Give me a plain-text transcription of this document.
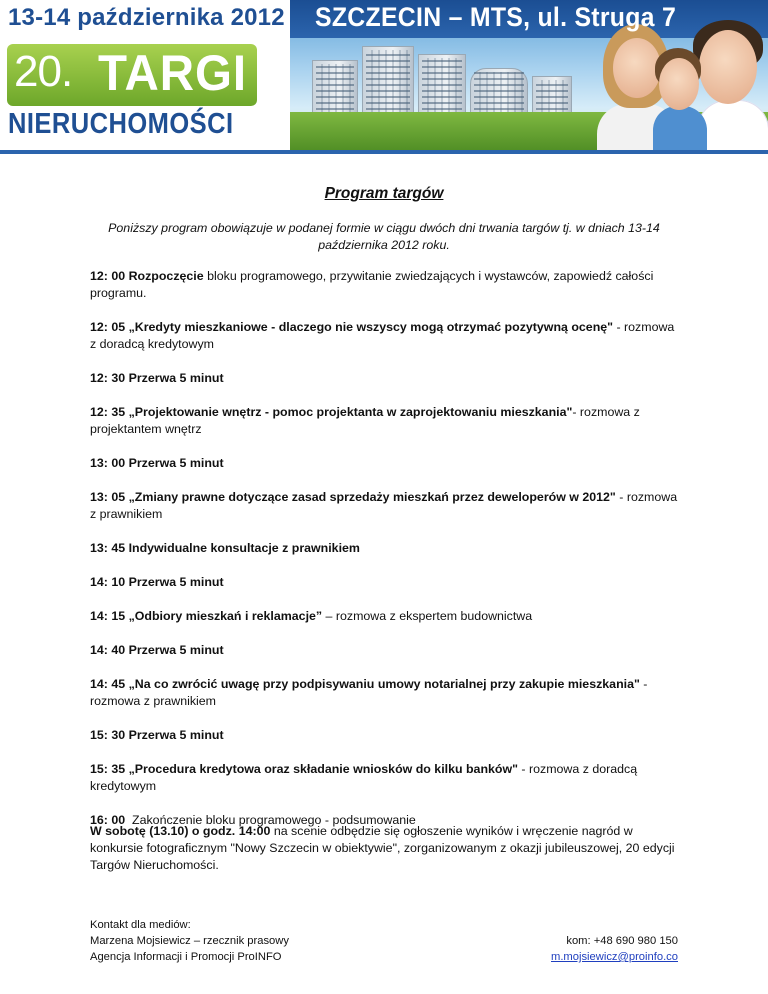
13-14 października 2012 SZCZECIN – MTS, ul. Struga 7
20. TARGI
NIERUCHOMOŚCI
Program targów
Poniższy program obowiązuje w podanej formie w ciągu dwóch dni trwania targów tj. w dniach 13-14 października 2012 roku.
12: 00 Rozpoczęcie bloku programowego, przywitanie zwiedzających i wystawców, zapowiedź całości programu.
12: 05 „Kredyty mieszkaniowe - dlaczego nie wszyscy mogą otrzymać pozytywną ocenę" - rozmowa z doradcą kredytowym
12: 30 Przerwa 5 minut
12: 35 „Projektowanie wnętrz - pomoc projektanta w zaprojektowaniu mieszkania"- rozmowa z projektantem wnętrz
13: 00 Przerwa 5 minut
13: 05 „Zmiany prawne dotyczące zasad sprzedaży mieszkań przez deweloperów w 2012" - rozmowa z prawnikiem
13: 45 Indywidualne konsultacje z prawnikiem
14: 10 Przerwa 5 minut
14: 15 „Odbiory mieszkań i reklamacje” – rozmowa z ekspertem budownictwa
14: 40 Przerwa 5 minut
14: 45 „Na co zwrócić uwagę przy podpisywaniu umowy notarialnej przy zakupie mieszkania" - rozmowa z prawnikiem
15: 30 Przerwa 5 minut
15: 35 „Procedura kredytowa oraz składanie wniosków do kilku banków" - rozmowa z doradcą kredytowym
16: 00  Zakończenie bloku programowego - podsumowanie
W sobotę (13.10) o godz. 14:00 na scenie odbędzie się ogłoszenie wyników i wręczenie nagród w konkursie fotograficznym "Nowy Szczecin w obiektywie", zorganizowanym z okazji jubileuszowej, 20 edycji Targów Nieruchomości.
Kontakt dla mediów:
Marzena Mojsiewicz – rzecznik prasowy
Agencja Informacji i Promocji ProINFO
kom: +48 690 980 150
m.mojsiewicz@proinfo.co
